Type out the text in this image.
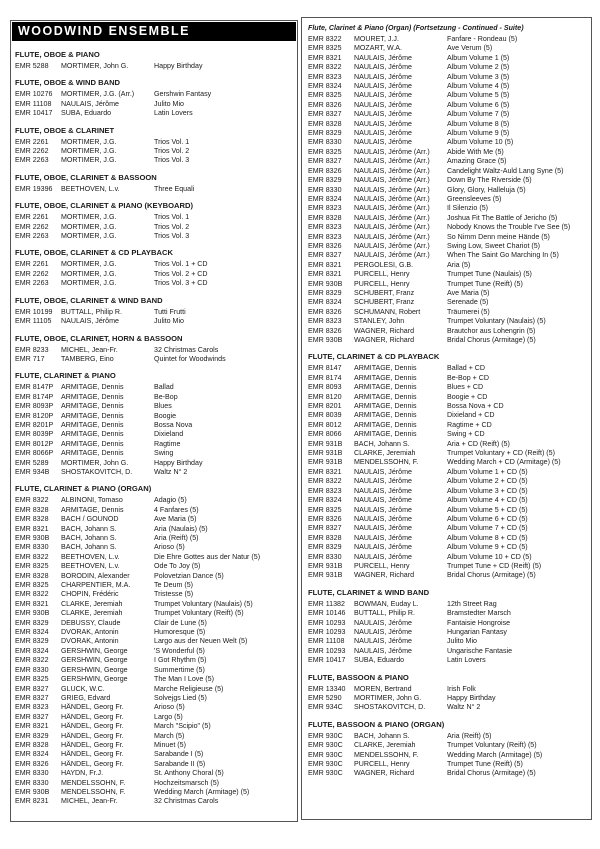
WOODWIND ENSEMBLE
FLUTE, OBOE & PIANO
EMR 5288	MORTIMER, John G.	Happy Birthday
FLUTE, OBOE & WIND BAND
EMR 10276	MORTIMER, J.G. (Arr.)	Gershwin Fantasy
EMR 11108	NAULAIS, Jérôme	Julito Mio
EMR 10417	SUBA, Eduardo	Latin Lovers
FLUTE, OBOE & CLARINET
EMR 2261	MORTIMER, J.G.	Trios Vol. 1
EMR 2262	MORTIMER, J.G.	Trios Vol. 2
EMR 2263	MORTIMER, J.G.	Trios Vol. 3
FLUTE, OBOE, CLARINET & BASSOON
EMR 19396	BEETHOVEN, L.v.	Three Equali
FLUTE, OBOE, CLARINET & PIANO (KEYBOARD)
EMR 2261	MORTIMER, J.G.	Trios Vol. 1
EMR 2262	MORTIMER, J.G.	Trios Vol. 2
EMR 2263	MORTIMER, J.G.	Trios Vol. 3
FLUTE, OBOE, CLARINET & CD PLAYBACK
EMR 2261	MORTIMER, J.G.	Trios Vol. 1 + CD
EMR 2262	MORTIMER, J.G.	Trios Vol. 2 + CD
EMR 2263	MORTIMER, J.G.	Trios Vol. 3 + CD
FLUTE, OBOE, CLARINET & WIND BAND
EMR 10199	BUTTALL, Philip R.	Tutti Frutti
EMR 11105	NAULAIS, Jérôme	Julito Mio
FLUTE, OBOE, CLARINET, HORN & BASSOON
EMR 8233	MICHEL, Jean-Fr.	32 Christmas Carols
EMR 717	TAMBERG, Eino	Quintet for Woodwinds
FLUTE, CLARINET & PIANO
EMR 8147P	ARMITAGE, Dennis	Ballad
EMR 8174P	ARMITAGE, Dennis	Be-Bop
EMR 8093P	ARMITAGE, Dennis	Blues
EMR 8120P	ARMITAGE, Dennis	Boogie
EMR 8201P	ARMITAGE, Dennis	Bossa Nova
EMR 8039P	ARMITAGE, Dennis	Dixieland
EMR 8012P	ARMITAGE, Dennis	Ragtime
EMR 8066P	ARMITAGE, Dennis	Swing
EMR 5289	MORTIMER, John G.	Happy Birthday
EMR 934B	SHOSTAKOVITCH, D.	Waltz N° 2
FLUTE, CLARINET & PIANO (ORGAN)
EMR 8322	ALBINONI, Tomaso	Adagio (5)
EMR 8328	ARMITAGE, Dennis	4 Fanfares (5)
EMR 8328	BACH / GOUNOD	Ave Maria (5)
EMR 8321	BACH, Johann S.	Aria (Naulais) (5)
EMR 930B	BACH, Johann S.	Aria (Reift) (5)
EMR 8330	BACH, Johann S.	Arioso (5)
EMR 8322	BEETHOVEN, L.v.	Die Ehre Gottes aus der Natur (5)
EMR 8325	BEETHOVEN, L.v.	Ode To Joy (5)
EMR 8328	BORODIN, Alexander	Polovetzian Dance (5)
EMR 8325	CHARPENTIER, M.A.	Te Deum (5)
EMR 8322	CHOPIN, Frédéric	Tristesse (5)
EMR 8321	CLARKE, Jeremiah	Trumpet Voluntary (Naulais) (5)
EMR 930B	CLARKE, Jeremiah	Trumpet Voluntary (Reift) (5)
EMR 8329	DEBUSSY, Claude	Clair de Lune (5)
EMR 8324	DVORAK, Antonin	Humoresque (5)
EMR 8329	DVORAK, Antonin	Largo aus der Neuen Welt (5)
EMR 8324	GERSHWIN, George	'S Wonderful (5)
EMR 8322	GERSHWIN, George	I Got Rhythm (5)
EMR 8330	GERSHWIN, George	Summertime (5)
EMR 8325	GERSHWIN, George	The Man I Love (5)
EMR 8327	GLUCK, W.C.	Marche Religieuse (5)
EMR 8327	GRIEG, Edvard	Solvejgs Lied (5)
EMR 8323	HÄNDEL, Georg Fr.	Arioso (5)
EMR 8327	HÄNDEL, Georg Fr.	Largo (5)
EMR 8321	HÄNDEL, Georg Fr.	March "Scipio" (5)
EMR 8329	HÄNDEL, Georg Fr.	March (5)
EMR 8328	HÄNDEL, Georg Fr.	Minuet (5)
EMR 8324	HÄNDEL, Georg Fr.	Sarabande I (5)
EMR 8326	HÄNDEL, Georg Fr.	Sarabande II (5)
EMR 8330	HAYDN, Fr.J.	St. Anthony Choral (5)
EMR 8330	MENDELSSOHN, F.	Hochzeitsmarsch (5)
EMR 930B	MENDELSSOHN, F.	Wedding March (Armitage) (5)
EMR 8231	MICHEL, Jean-Fr.	32 Christmas Carols
Flute, Clarinet & Piano (Organ) (Fortsetzung - Continued - Suite)
EMR 8322	MOURET, J.J.	Fanfare - Rondeau (5)
EMR 8325	MOZART, W.A.	Ave Verum (5)
EMR 8321	NAULAIS, Jérôme	Album Volume 1 (5)
EMR 8322	NAULAIS, Jérôme	Album Volume 2 (5)
EMR 8323	NAULAIS, Jérôme	Album Volume 3 (5)
EMR 8324	NAULAIS, Jérôme	Album Volume 4 (5)
EMR 8325	NAULAIS, Jérôme	Album Volume 5 (5)
EMR 8326	NAULAIS, Jérôme	Album Volume 6 (5)
EMR 8327	NAULAIS, Jérôme	Album Volume 7 (5)
EMR 8328	NAULAIS, Jérôme	Album Volume 8 (5)
EMR 8329	NAULAIS, Jérôme	Album Volume 9 (5)
EMR 8330	NAULAIS, Jérôme	Album Volume 10 (5)
EMR 8325	NAULAIS, Jérôme (Arr.)	Abide With Me (5)
EMR 8327	NAULAIS, Jérôme (Arr.)	Amazing Grace (5)
EMR 8326	NAULAIS, Jérôme (Arr.)	Candelight Waltz-Auld Lang Syne (5)
EMR 8329	NAULAIS, Jérôme (Arr.)	Down By The Riverside (5)
EMR 8330	NAULAIS, Jérôme (Arr.)	Glory, Glory, Halleluja (5)
EMR 8324	NAULAIS, Jérôme (Arr.)	Greensleeves (5)
EMR 8323	NAULAIS, Jérôme (Arr.)	Il Silenzio (5)
EMR 8328	NAULAIS, Jérôme (Arr.)	Joshua Fit The Battle of Jericho (5)
EMR 8323	NAULAIS, Jérôme (Arr.)	Nobody Knows the Trouble I've See (5)
EMR 8323	NAULAIS, Jérôme (Arr.)	So Nimm Denn meine Hände (5)
EMR 8326	NAULAIS, Jérôme (Arr.)	Swing Low, Sweet Chariot (5)
EMR 8327	NAULAIS, Jérôme (Arr.)	When The Saint Go Marching In (5)
EMR 8321	PERGOLESI, G.B.	Aria (5)
EMR 8321	PURCELL, Henry	Trumpet Tune (Naulais) (5)
EMR 930B	PURCELL, Henry	Trumpet Tune (Reift) (5)
EMR 8329	SCHUBERT, Franz	Ave Maria (5)
EMR 8324	SCHUBERT, Franz	Serenade (5)
EMR 8326	SCHUMANN, Robert	Träumerei (5)
EMR 8323	STANLEY, John	Trumpet Voluntary (Naulais) (5)
EMR 8326	WAGNER, Richard	Brautchor aus Lohengrin (5)
EMR 930B	WAGNER, Richard	Bridal Chorus (Armitage) (5)
FLUTE, CLARINET & CD PLAYBACK
EMR 8147	ARMITAGE, Dennis	Ballad + CD
EMR 8174	ARMITAGE, Dennis	Be-Bop + CD
EMR 8093	ARMITAGE, Dennis	Blues + CD
EMR 8120	ARMITAGE, Dennis	Boogie + CD
EMR 8201	ARMITAGE, Dennis	Bossa Nova + CD
EMR 8039	ARMITAGE, Dennis	Dixieland + CD
EMR 8012	ARMITAGE, Dennis	Ragtime + CD
EMR 8066	ARMITAGE, Dennis	Swing + CD
EMR 931B	BACH, Johann S.	Aria + CD (Reift) (5)
EMR 931B	CLARKE, Jeremiah	Trumpet Voluntary + CD (Reift) (5)
EMR 931B	MENDELSSOHN, F.	Wedding March + CD (Armitage) (5)
EMR 8321	NAULAIS, Jérôme	Album Volume 1 + CD (5)
EMR 8322	NAULAIS, Jérôme	Album Volume 2 + CD (5)
EMR 8323	NAULAIS, Jérôme	Album Volume 3 + CD (5)
EMR 8324	NAULAIS, Jérôme	Album Volume 4 + CD (5)
EMR 8325	NAULAIS, Jérôme	Album Volume 5 + CD (5)
EMR 8326	NAULAIS, Jérôme	Album Volume 6 + CD (5)
EMR 8327	NAULAIS, Jérôme	Album Volume 7 + CD (5)
EMR 8328	NAULAIS, Jérôme	Album Volume 8 + CD (5)
EMR 8329	NAULAIS, Jérôme	Album Volume 9 + CD (5)
EMR 8330	NAULAIS, Jérôme	Album Volume 10 + CD (5)
EMR 931B	PURCELL, Henry	Trumpet Tune + CD (Reift) (5)
EMR 931B	WAGNER, Richard	Bridal Chorus (Armitage) (5)
FLUTE, CLARINET & WIND BAND
EMR 11382	BOWMAN, Euday L.	12th Street Rag
EMR 10146	BUTTALL, Philip R.	Bramstedter Marsch
EMR 10293	NAULAIS, Jérôme	Fantaisie Hongroise
EMR 10293	NAULAIS, Jérôme	Hungarian Fantasy
EMR 11108	NAULAIS, Jérôme	Julito Mio
EMR 10293	NAULAIS, Jérôme	Ungarische Fantasie
EMR 10417	SUBA, Eduardo	Latin Lovers
FLUTE, BASSOON & PIANO
EMR 13340	MOREN, Bertrand	Irish Folk
EMR 5290	MORTIMER, John G.	Happy Birthday
EMR 934C	SHOSTAKOVITCH, D.	Waltz N° 2
FLUTE, BASSOON & PIANO (ORGAN)
EMR 930C	BACH, Johann S.	Aria (Reift) (5)
EMR 930C	CLARKE, Jeremiah	Trumpet Voluntary (Reift) (5)
EMR 930C	MENDELSSOHN, F.	Wedding March (Armitage) (5)
EMR 930C	PURCELL, Henry	Trumpet Tune (Reift) (5)
EMR 930C	WAGNER, Richard	Bridal Chorus (Armitage) (5)
